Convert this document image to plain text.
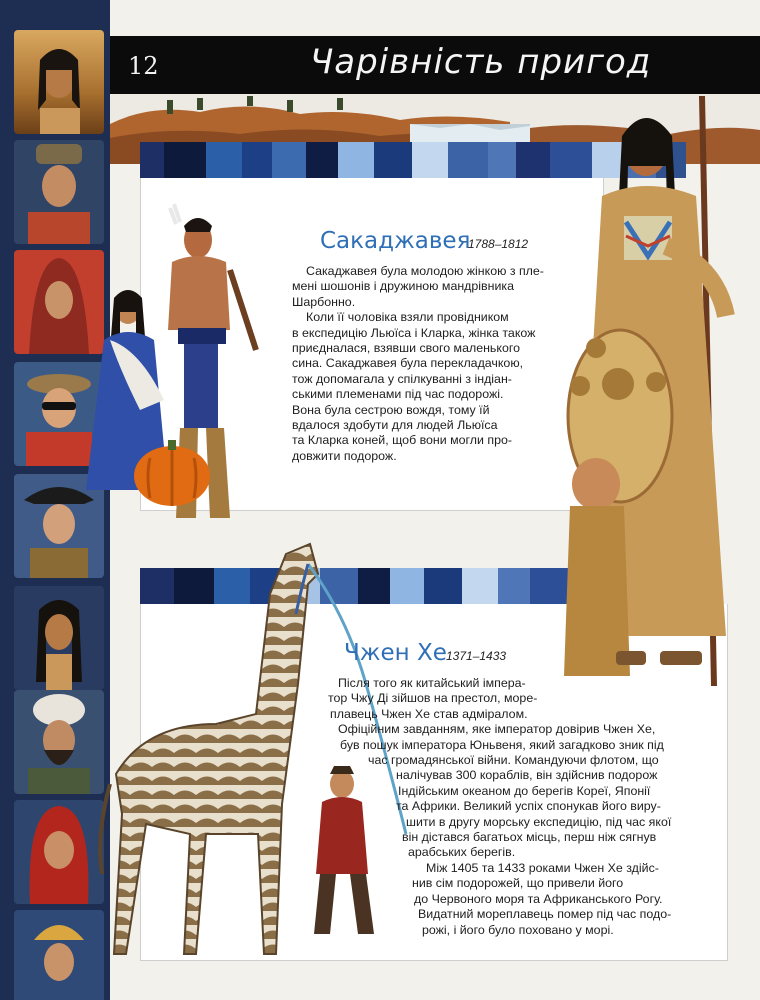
12	Чарівність пригод
Сакаджавея
1788–1812
Сакаджавея була молодою жінкою з пле-
мені шошонів і дружиною мандрівника
Шарбонно.
Коли її чоловіка взяли провідником
в експедицію Льюїса і Кларка, жінка також
приєдналася, взявши свого маленького
сина. Сакаджавея була перекладачкою,
тож допомагала у спілкуванні з індіан-
ськими племенами під час подорожі.
Вона була сестрою вождя, тому їй
вдалося здобути для людей Льюїса
та Кларка коней, щоб вони могли про-
довжити подорож.
Чжен Хе 1371–1433
Після того як китайський імпера-
тор Чжу Ді зійшов на престол, море-
плавець Чжен Хе став адміралом.
Офіційним завданням, яке імператор довірив Чжен Хе,
був пошук імператора Юньвеня, який загадково зник під
час громадянської війни. Командуючи флотом, що
налічував 300 кораблів, він здійснив подорож
Індійським океаном до берегів Кореї, Японії
та Африки. Великий успіх спонукав його виру-
шити в другу морську експедицію, під час якої
він дістався багатьох місць, перш ніж сягнув
арабських берегів.
Між 1405 та 1433 роками Чжен Хе здійс-
нив сім подорожей, що привели його
до Червоного моря та Африканського Рогу.
Видатний мореплавець помер під час подо-
рожі, і його було поховано у морі.
